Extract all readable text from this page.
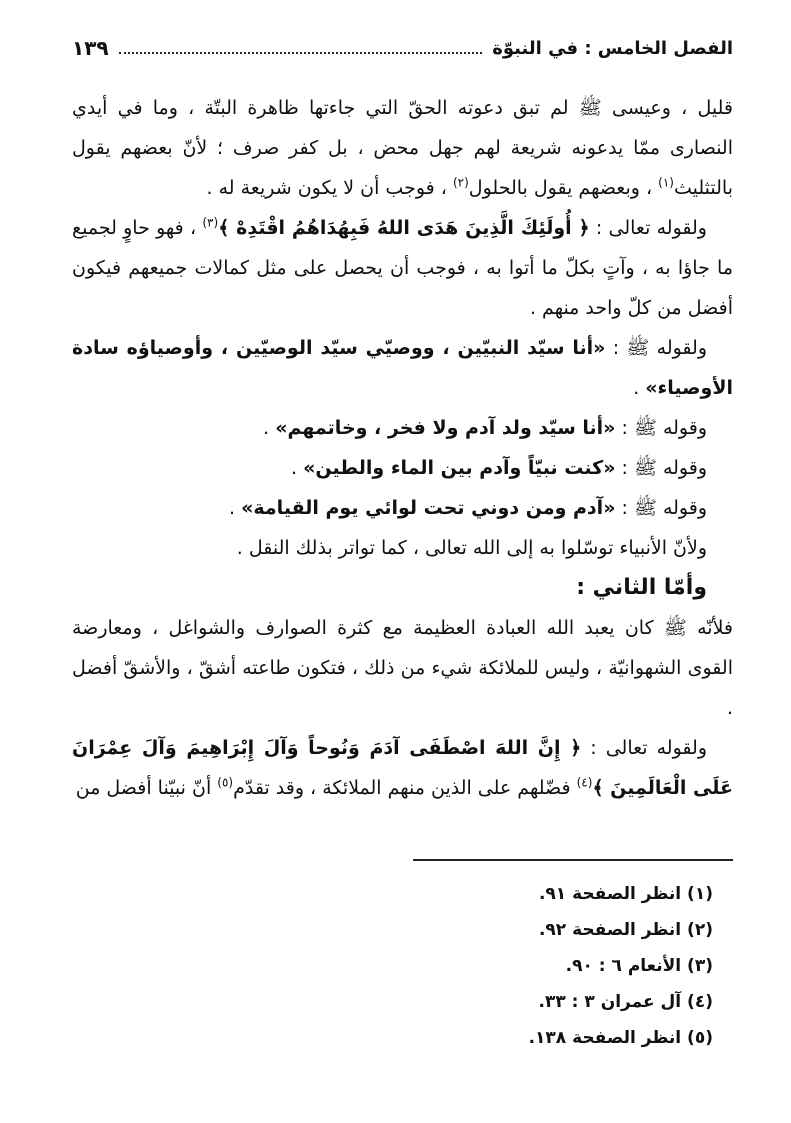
الفصل الخامس : في النبوّة
١٣٩

قليل ، وعيسى ﷺ لم تبق دعوته الحقّ التي جاءتها ظاهرة البتّة ، وما في أيدي النصارى ممّا يدعونه شريعة لهم جهل محض ، بل كفر صرف ؛ لأنّ بعضهم يقول بالتثليث$^{(١)}$ ، وبعضهم يقول بالحلول$^{(٢)}$ ، فوجب أن لا يكون شريعة له .

ولقوله تعالى : ﴿ أُولَئِكَ الَّذِينَ هَدَى اللهُ فَبِهُدَاهُمُ اقْتَدِهْ ﴾$^{(٣)}$ ، فهو حاوٍ لجميع ما جاؤا به ، وآتٍ بكلّ ما أتوا به ، فوجب أن يحصل على مثل كمالات جميعهم فيكون أفضل من كلّ واحد منهم .

ولقوله ﷺ : «أنا سيّد النبيّين ، ووصيّي سيّد الوصيّين ، وأوصياؤه سادة الأوصياء» .

وقوله ﷺ : «أنا سيّد ولد آدم ولا فخر ، وخاتمهم» .

وقوله ﷺ : «كنت نبيّاً وآدم بين الماء والطين» .

وقوله ﷺ : «آدم ومن دوني تحت لوائي يوم القيامة» .

ولأنّ الأنبياء توسّلوا به إلى الله تعالى ، كما تواتر بذلك النقل .

وأمّا الثاني :

فلأنّه ﷺ كان يعبد الله العبادة العظيمة مع كثرة الصوارف والشواغل ، ومعارضة القوى الشهوانيّة ، وليس للملائكة شيء من ذلك ، فتكون طاعته أشقّ ، والأشقّ أفضل .

ولقوله تعالى : ﴿ إِنَّ اللهَ اصْطَفَى آدَمَ وَنُوحاً وَآلَ إِبْرَاهِيمَ وَآلَ عِمْرَانَ عَلَى الْعَالَمِينَ ﴾$^{(٤)}$ فضّلهم على الذين منهم الملائكة ، وقد تقدّم$^{(٥)}$ أنّ نبيّنا أفضل من

(١) انظر الصفحة ٩١.
(٢) انظر الصفحة ٩٢.
(٣) الأنعام ٦ : ٩٠.
(٤) آل عمران ٣ : ٣٣.
(٥) انظر الصفحة ١٣٨.
